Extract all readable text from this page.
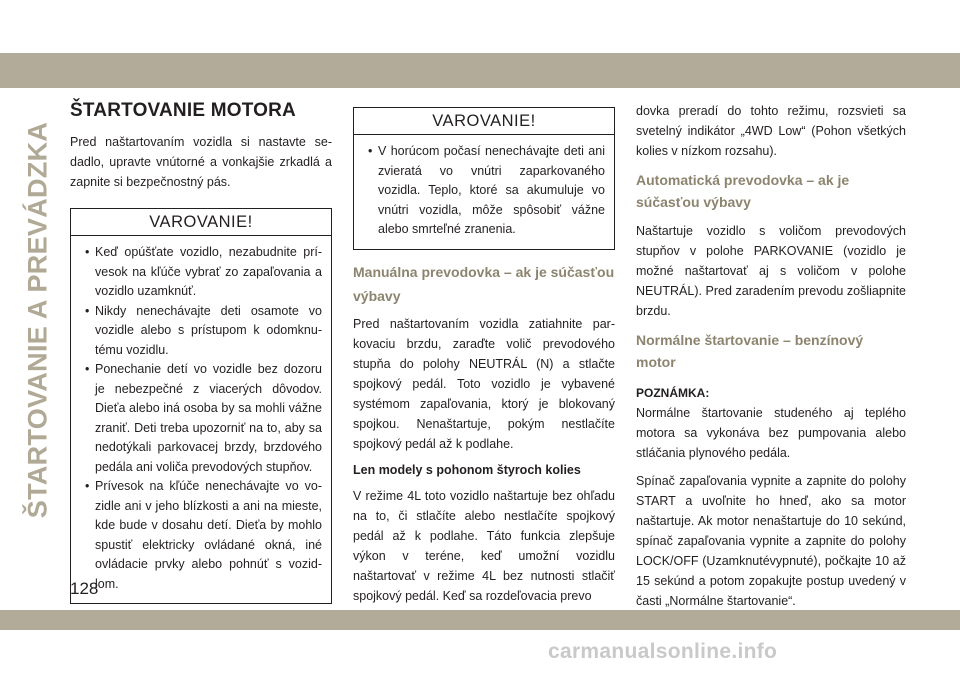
ŠTARTOVANIE A PREVÁDZKA
ŠTARTOVANIE MOTORA

Pred naštartovaním vozidla si nastavte sedadlo, upravte vnútorné a vonkajšie zrkadlá a zapnite si bezpečnostný pás.

VAROVANIE!
• Keď opúšťate vozidlo, nezabudnite prívesok na kľúče vybrať zo zapaľovania a vozidlo uzamknúť.
• Nikdy nenechávajte deti osamote vo vozidle alebo s prístupom k odomknutému vozidlu.
• Ponechanie detí vo vozidle bez dozoru je nebezpečné z viacerých dôvodov. Dieťa alebo iná osoba by sa mohli vážne zraniť. Deti treba upozorniť na to, aby sa nedotýkali parkovacej brzdy, brzdového pedála ani voliča prevodových stupňov.
• Prívesok na kľúče nenechávajte vo vozidle ani v jeho blízkosti a ani na mieste, kde bude v dosahu detí. Dieťa by mohlo spustiť elektricky ovládané okná, iné ovládacie prvky alebo pohnúť s vozidlom.
VAROVANIE!
• V horúcom počasí nenechávajte deti ani zvieratá vo vnútri zaparkovaného vozidla. Teplo, ktoré sa akumuluje vo vnútri vozidla, môže spôsobiť vážne alebo smrteľné zranenia.
Manuálna prevodovka – ak je súčasťou výbavy

Pred naštartovaním vozidla zatiahnite parkovaciu brzdu, zaraďte volič prevodového stupňa do polohy NEUTRÁL (N) a stlačte spojkový pedál. Toto vozidlo je vybavené systémom zapaľovania, ktorý je blokovaný spojkou. Nenaštartuje, pokým nestlačíte spojkový pedál až k podlahe.

Len modely s pohonom štyroch kolies

V režime 4L toto vozidlo naštartuje bez ohľadu na to, či stlačíte alebo nestlačíte spojkový pedál až k podlahe. Táto funkcia zlepšuje výkon v teréne, keď umožní vozidlu naštartovať v režime 4L bez nutnosti stlačiť spojkový pedál. Keď sa rozdeľovacia prevo

dovka preradí do tohto režimu, rozsvieti sa svetelný indikátor „4WD Low“ (Pohon všetkých kolies v nízkom rozsahu).

Automatická prevodovka – ak je súčasťou výbavy

Naštartuje vozidlo s voličom prevodových stupňov v polohe PARKOVANIE (vozidlo je možné naštartovať aj s voličom v polohe NEUTRÁL). Pred zaradením prevodu zošliapnite brzdu.

Normálne štartovanie – benzínový motor
POZNÁMKA:

Normálne štartovanie studeného aj teplého motora sa vykonáva bez pumpovania alebo stláčania plynového pedála.

Spínač zapaľovania vypnite a zapnite do polohy START a uvoľnite ho hneď, ako sa motor naštartuje. Ak motor nenaštartuje do 10 sekúnd, spínač zapaľovania vypnite a zapnite do polohy LOCK/OFF (Uzamknutévypnuté), počkajte 10 až 15 sekúnd a potom zopakujte postup uvedený v časti „Normálne štartovanie“.

128
carmanualsonline.info
